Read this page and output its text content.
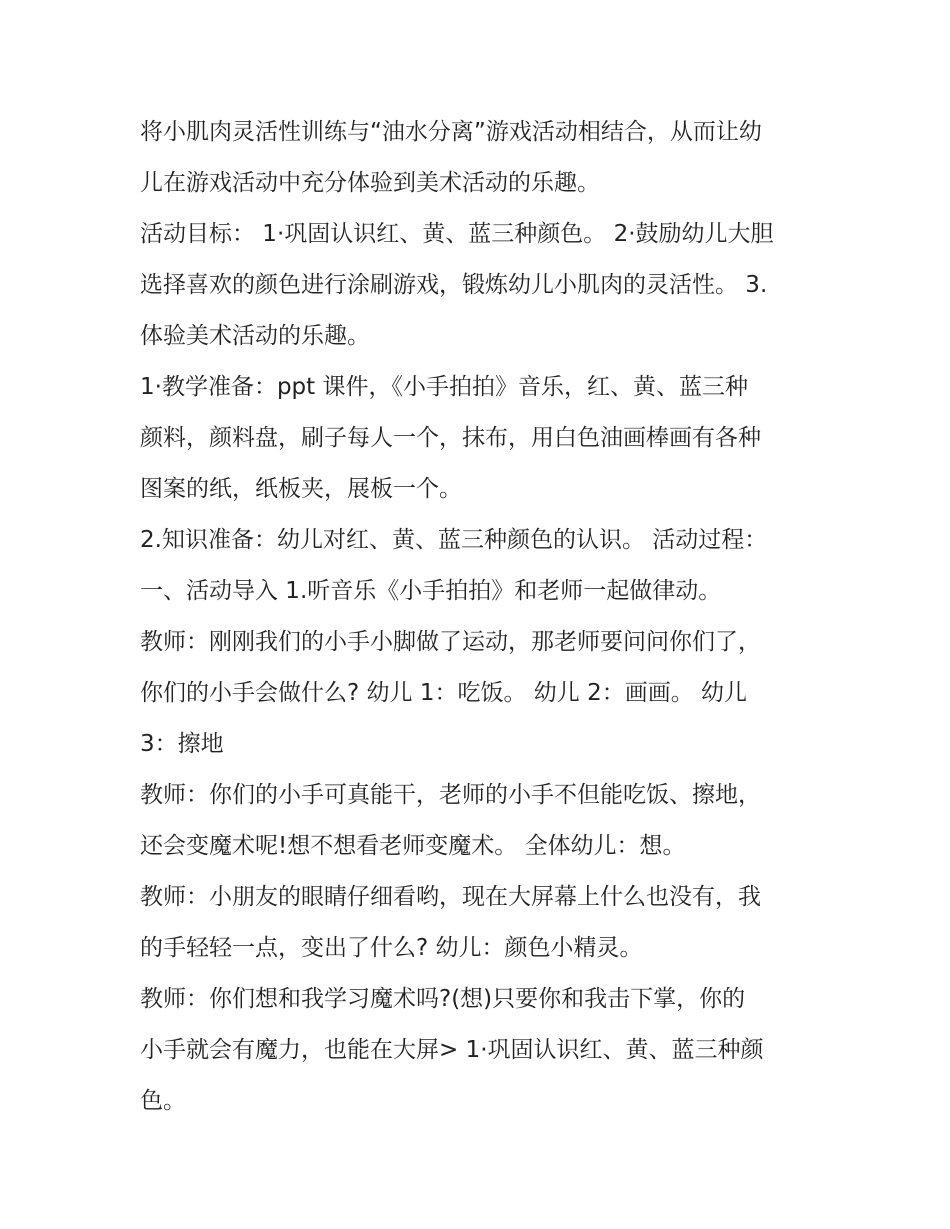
将小肌肉灵活性训练与“油水分离”游戏活动相结合，从而让幼
儿在游戏活动中充分体验到美术活动的乐趣。
活动目标： 1·巩固认识红、黄、蓝三种颜色。 2·鼓励幼儿大胆
选择喜欢的颜色进行涂刷游戏，锻炼幼儿小肌肉的灵活性。 3.
体验美术活动的乐趣。
1·教学准备：ppt 课件，《小手拍拍》音乐，红、黄、蓝三种
颜料，颜料盘，刷子每人一个，抹布，用白色油画棒画有各种
图案的纸，纸板夹，展板一个。
2.知识准备：幼儿对红、黄、蓝三种颜色的认识。 活动过程：
一、活动导入 1.听音乐《小手拍拍》和老师一起做律动。
教师：刚刚我们的小手小脚做了运动，那老师要问问你们了，
你们的小手会做什么? 幼儿 1：吃饭。 幼儿 2：画画。 幼儿
3：擦地
教师：你们的小手可真能干，老师的小手不但能吃饭、擦地，
还会变魔术呢!想不想看老师变魔术。 全体幼儿：想。
教师：小朋友的眼睛仔细看哟，现在大屏幕上什么也没有，我
的手轻轻一点，变出了什么? 幼儿：颜色小精灵。
教师：你们想和我学习魔术吗?(想)只要你和我击下掌，你的
小手就会有魔力，也能在大屏> 1·巩固认识红、黄、蓝三种颜
色。
